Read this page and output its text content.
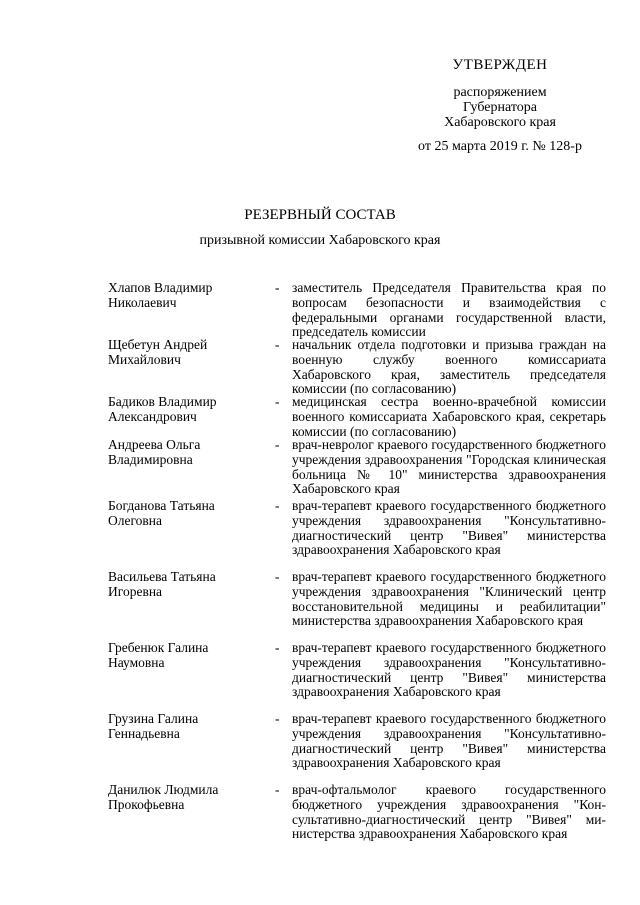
УТВЕРЖДЕН
распоряжением
Губернатора
Хабаровского края
от 25 марта 2019 г. № 128-р
РЕЗЕРВНЫЙ СОСТАВ
призывной комиссии Хабаровского края
Хлапов Владимир
Николаевич
- заместитель Председателя Правительства края по вопросам безопасности и взаимодействия с федеральными органами государственной власти, председатель комиссии
Щебетун Андрей
Михайлович
- начальник отдела подготовки и призыва граждан на военную службу военного комиссариата Хабаровского края, заместитель председателя комиссии (по согласованию)
Бадиков Владимир
Александрович
- медицинская сестра военно-врачебной комиссии военного комиссариата Хабаровского края, секретарь комиссии (по согласованию)
Андреева Ольга
Владимировна
- врач-невролог краевого государственного бюджетного учреждения здравоохранения "Городская клиническая больница № 10" министерства здравоохранения Хабаровского края
Богданова Татьяна
Олеговна
- врач-терапевт краевого государственного бюджетного учреждения здравоохранения "Консультативно-диагностический центр "Вивея" министерства здравоохранения Хабаровского края
Васильева Татьяна
Игоревна
- врач-терапевт краевого государственного бюджетного учреждения здравоохранения "Клинический центр восстановительной медицины и реабилитации" министерства здравоохранения Хабаровского края
Гребенюк Галина
Наумовна
- врач-терапевт краевого государственного бюджетного учреждения здравоохранения "Консультативно-диагностический центр "Вивея" министерства здравоохранения Хабаровского края
Грузина Галина
Геннадьевна
- врач-терапевт краевого государственного бюджетного учреждения здравоохранения "Консультативно-диагностический центр "Вивея" министерства здравоохранения Хабаровского края
Данилюк Людмила
Прокофьевна
- врач-офтальмолог краевого государственного бюджетного учреждения здравоохранения "Консультативно-диагностический центр "Вивея" министерства здравоохранения Хабаровского края
